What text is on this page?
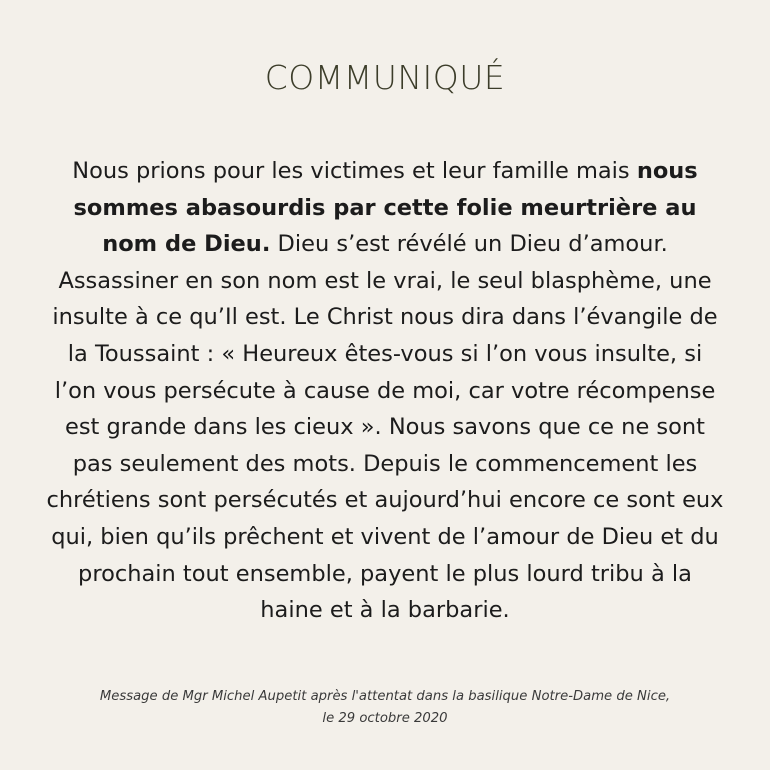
COMMUNIQUÉ
Nous prions pour les victimes et leur famille mais nous sommes abasourdis par cette folie meurtrière au nom de Dieu. Dieu s’est révélé un Dieu d’amour. Assassiner en son nom est le vrai, le seul blasphème, une insulte à ce qu’Il est. Le Christ nous dira dans l’évangile de la Toussaint : « Heureux êtes-vous si l’on vous insulte, si l’on vous persécute à cause de moi, car votre récompense est grande dans les cieux ». Nous savons que ce ne sont pas seulement des mots. Depuis le commencement les chrétiens sont persécutés et aujourd’hui encore ce sont eux qui, bien qu’ils prêchent et vivent de l’amour de Dieu et du prochain tout ensemble, payent le plus lourd tribu à la haine et à la barbarie.
Message de Mgr Michel Aupetit après l'attentat dans la basilique Notre-Dame de Nice,
le 29 octobre 2020
